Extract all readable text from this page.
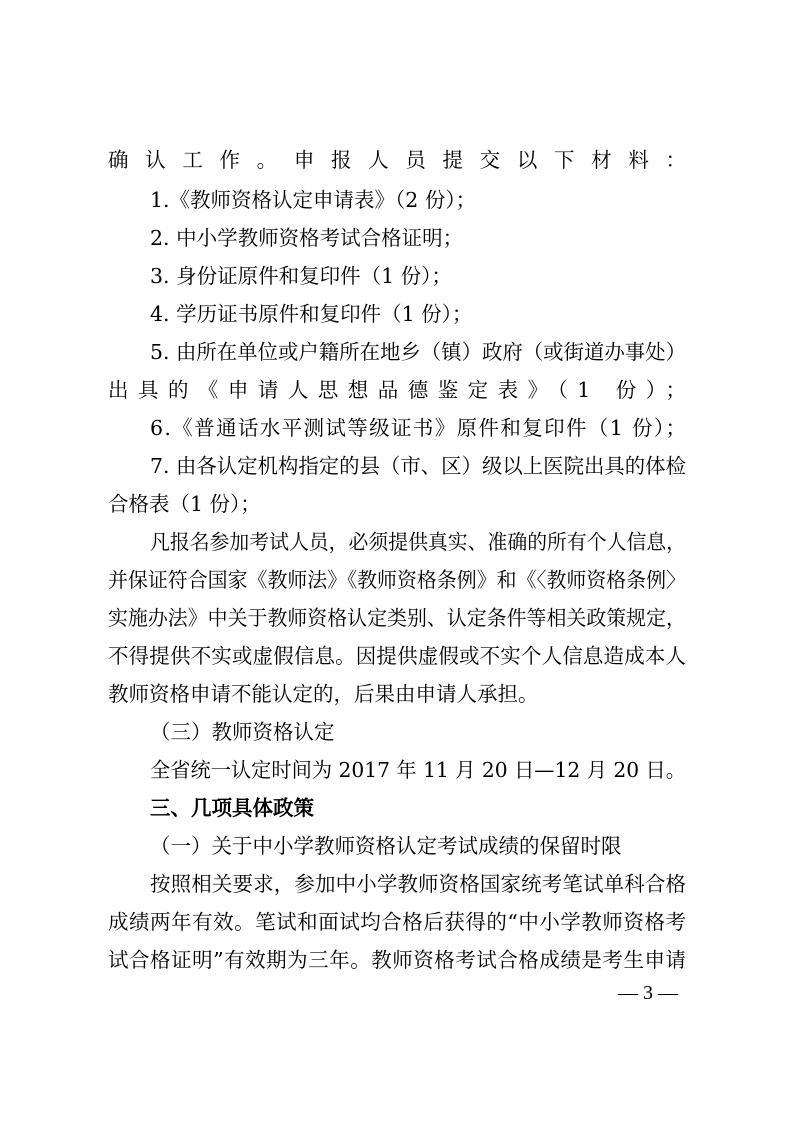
确认工作。申报人员提交以下材料：
1.《教师资格认定申请表》（2 份）；
2. 中小学教师资格考试合格证明；
3. 身份证原件和复印件（1 份）；
4. 学历证书原件和复印件（1 份）；
5. 由所在单位或户籍所在地乡（镇）政府（或街道办事处）
出具的《申请人思想品德鉴定表》（1 份）；
6.《普通话水平测试等级证书》原件和复印件（1 份）；
7. 由各认定机构指定的县（市、区）级以上医院出具的体检
合格表（1 份）；
凡报名参加考试人员，必须提供真实、准确的所有个人信息，
并保证符合国家《教师法》《教师资格条例》和《〈教师资格条例〉
实施办法》中关于教师资格认定类别、认定条件等相关政策规定，
不得提供不实或虚假信息。因提供虚假或不实个人信息造成本人
教师资格申请不能认定的，后果由申请人承担。
（三）教师资格认定
全省统一认定时间为 2017 年 11 月 20 日—12 月 20 日。
三、几项具体政策
（一）关于中小学教师资格认定考试成绩的保留时限
按照相关要求，参加中小学教师资格国家统考笔试单科合格
成绩两年有效。笔试和面试均合格后获得的“中小学教师资格考
试合格证明”有效期为三年。教师资格考试合格成绩是考生申请
— 3 —
